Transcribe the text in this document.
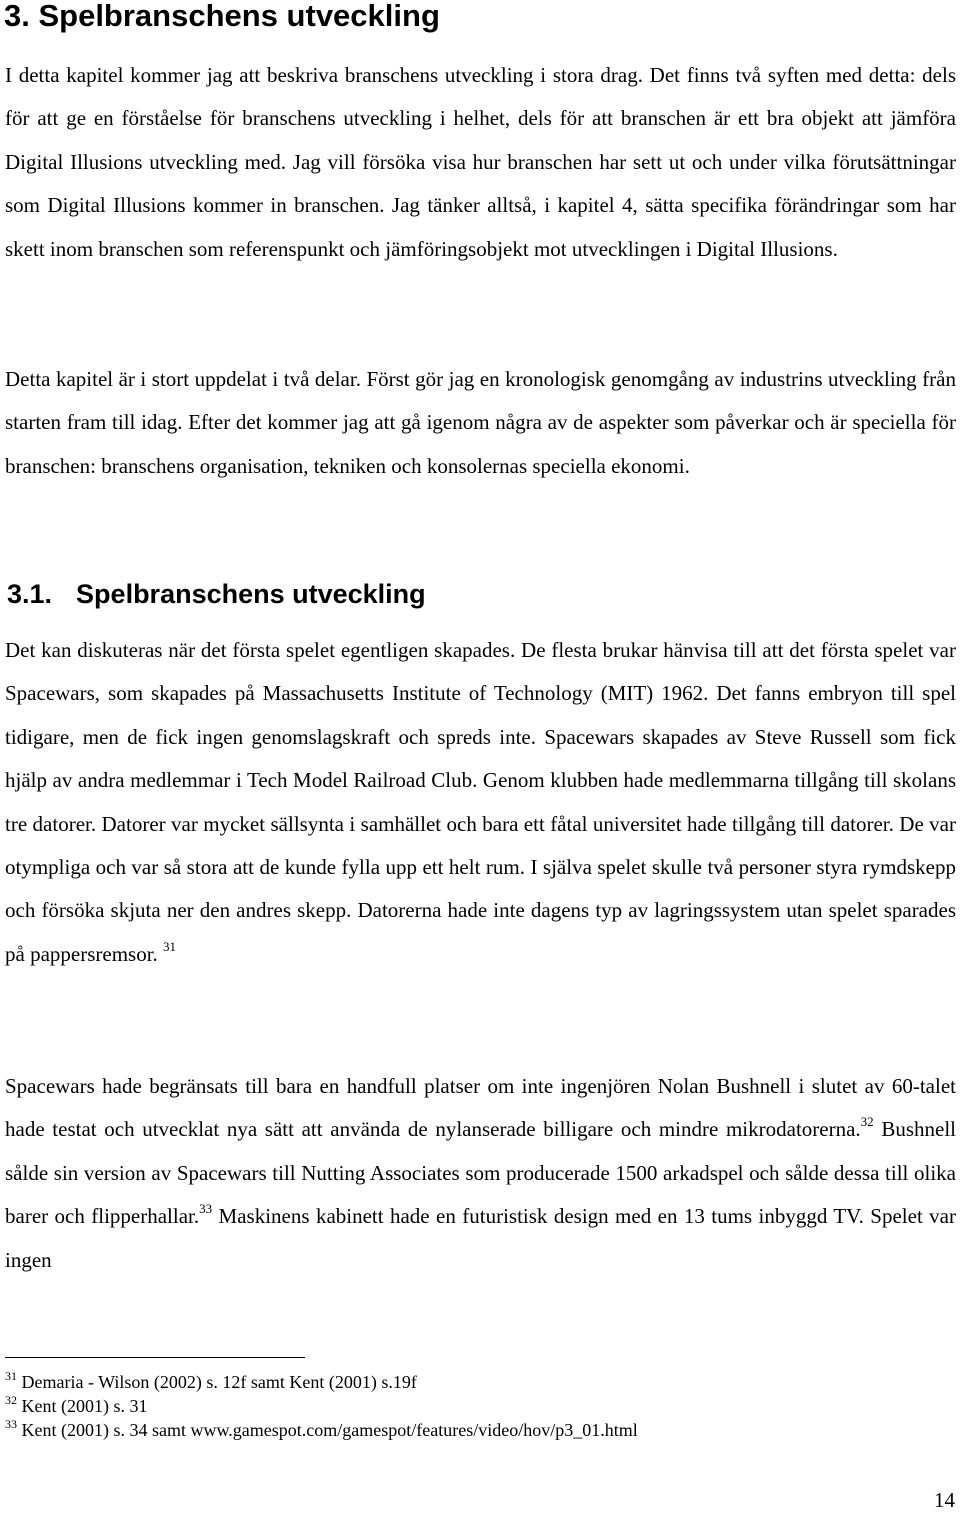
3. Spelbranschens utveckling

I detta kapitel kommer jag att beskriva branschens utveckling i stora drag. Det finns två syften med detta: dels för att ge en förståelse för branschens utveckling i helhet, dels för att branschen är ett bra objekt att jämföra Digital Illusions utveckling med. Jag vill försöka visa hur branschen har sett ut och under vilka förutsättningar som Digital Illusions kommer in branschen. Jag tänker alltså, i kapitel 4, sätta specifika förändringar som har skett inom branschen som referenspunkt och jämföringsobjekt mot utvecklingen i Digital Illusions.

Detta kapitel är i stort uppdelat i två delar. Först gör jag en kronologisk genomgång av industrins utveckling från starten fram till idag. Efter det kommer jag att gå igenom några av de aspekter som påverkar och är speciella för branschen: branschens organisation, tekniken och konsolernas speciella ekonomi.

3.1. Spelbranschens utveckling

Det kan diskuteras när det första spelet egentligen skapades. De flesta brukar hänvisa till att det första spelet var Spacewars, som skapades på Massachusetts Institute of Technology (MIT) 1962. Det fanns embryon till spel tidigare, men de fick ingen genomslagskraft och spreds inte. Spacewars skapades av Steve Russell som fick hjälp av andra medlemmar i Tech Model Railroad Club. Genom klubben hade medlemmarna tillgång till skolans tre datorer. Datorer var mycket sällsynta i samhället och bara ett fåtal universitet hade tillgång till datorer. De var otympliga och var så stora att de kunde fylla upp ett helt rum. I själva spelet skulle två personer styra rymdskepp och försöka skjuta ner den andres skepp. Datorerna hade inte dagens typ av lagringssystem utan spelet sparades på pappersremsor. $^{31}$

Spacewars hade begränsats till bara en handfull platser om inte ingenjören Nolan Bushnell i slutet av 60-talet hade testat och utvecklat nya sätt att använda de nylanserade billigare och mindre mikrodatorerna.$^{32}$ Bushnell sålde sin version av Spacewars till Nutting Associates som producerade 1500 arkadspel och sålde dessa till olika barer och flipperhallar.$^{33}$ Maskinens kabinett hade en futuristisk design med en 13 tums inbyggd TV. Spelet var ingen

$^{31}$ Demaria - Wilson (2002) s. 12f samt Kent (2001) s.19f
$^{32}$ Kent (2001) s. 31
$^{33}$ Kent (2001) s. 34 samt www.gamespot.com/gamespot/features/video/hov/p3_01.html
14
